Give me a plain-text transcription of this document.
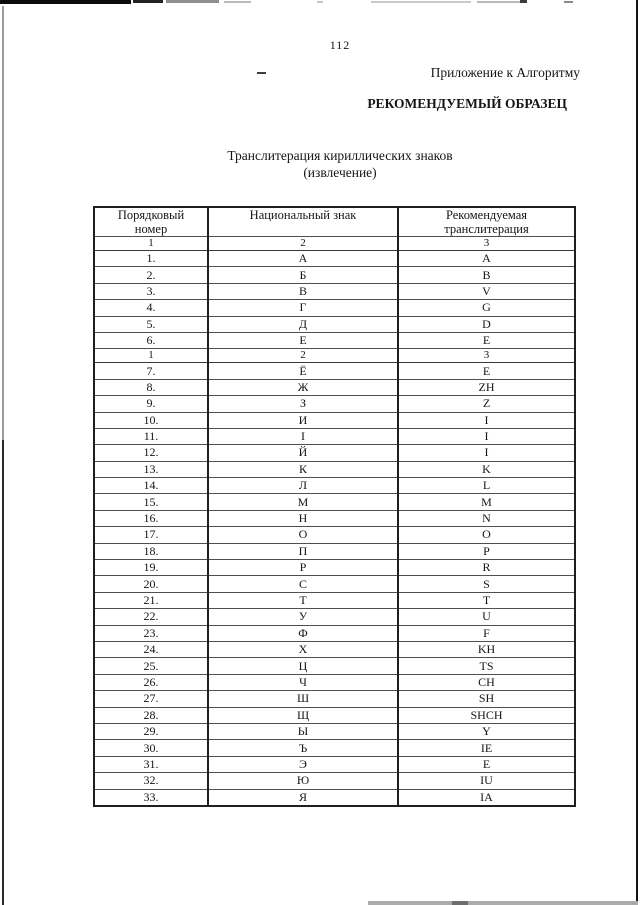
112
Приложение к Алгоритму
РЕКОМЕНДУЕМЫЙ ОБРАЗЕЦ
Транслитерация кириллических знаков
(извлечение)
Порядковый
номер	Национальный знак	Рекомендуемая
транслитерация
1	2	3
1.	А	A
2.	Б	B
3.	В	V
4.	Г	G
5.	Д	D
6.	Е	E
1	2	3
7.	Ё	E
8.	Ж	ZH
9.	З	Z
10.	И	I
11.	І	I
12.	Й	I
13.	К	K
14.	Л	L
15.	М	M
16.	Н	N
17.	О	O
18.	П	P
19.	Р	R
20.	С	S
21.	Т	T
22.	У	U
23.	Ф	F
24.	Х	KH
25.	Ц	TS
26.	Ч	CH
27.	Ш	SH
28.	Щ	SHCH
29.	Ы	Y
30.	Ъ	IE
31.	Э	E
32.	Ю	IU
33.	Я	IA
